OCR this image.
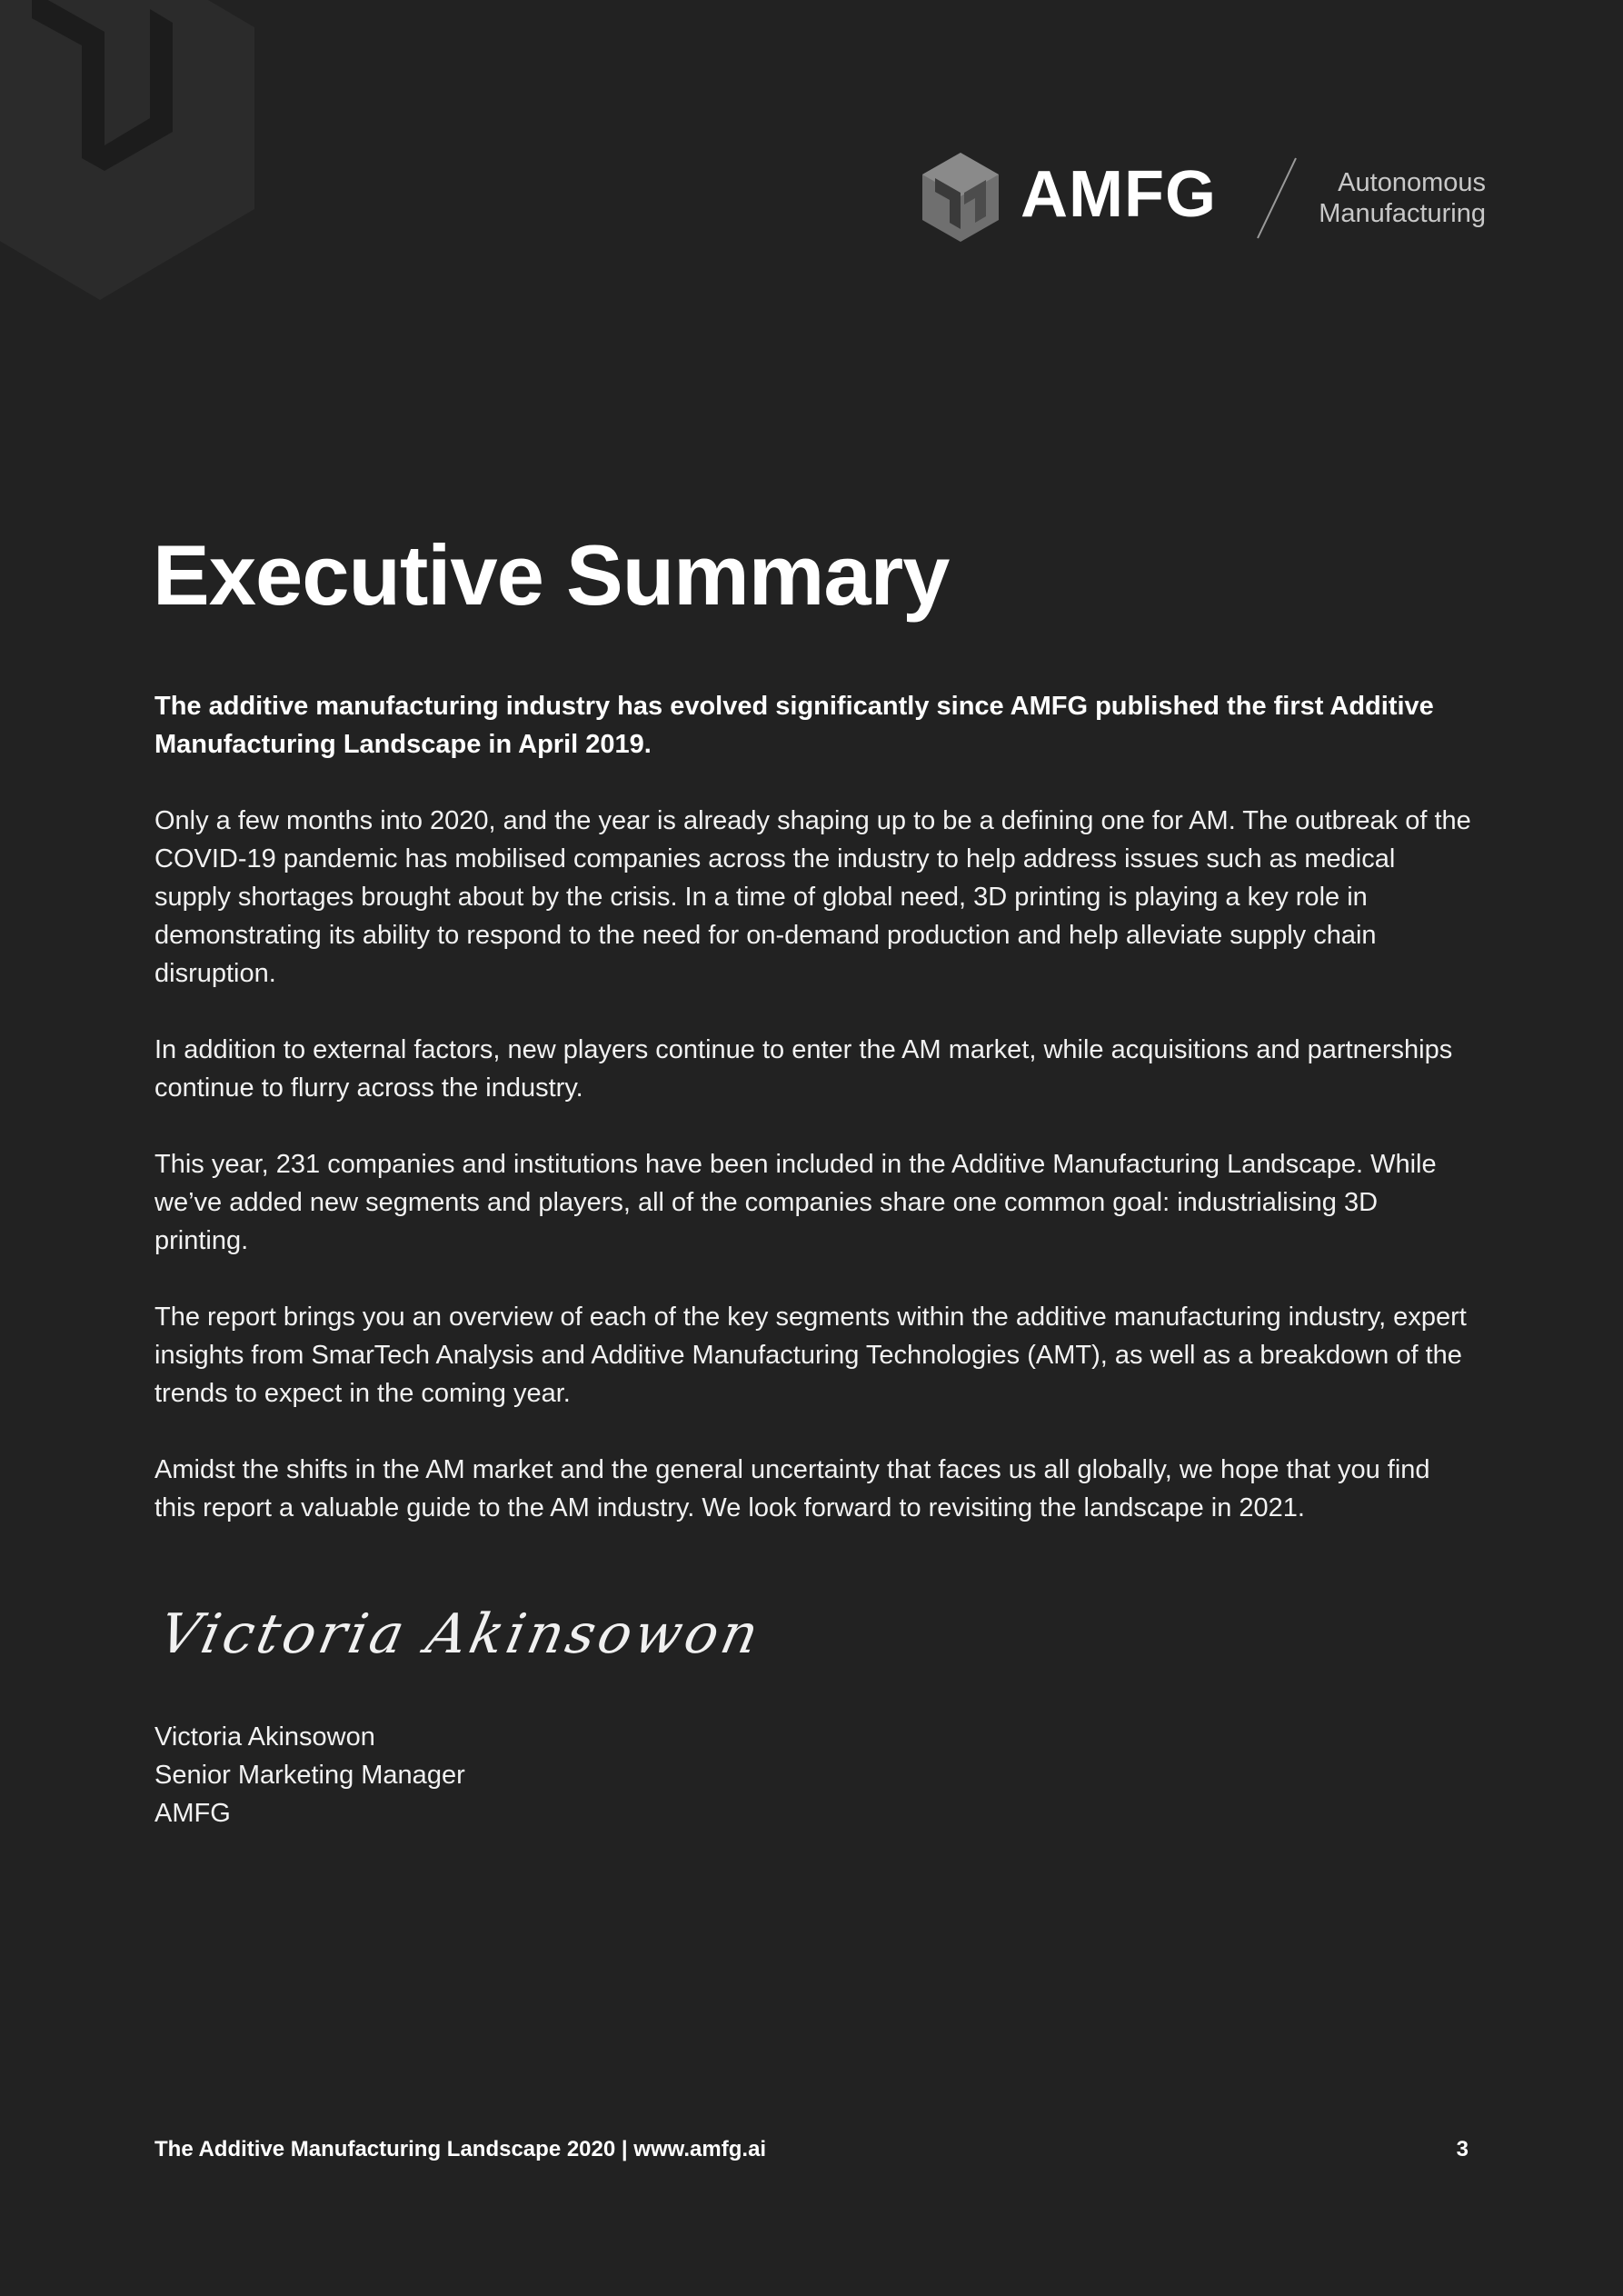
AMFG	Autonomous
Manufacturing
Executive Summary

The additive manufacturing industry has evolved significantly since AMFG published the first Additive Manufacturing Landscape in April 2019.

Only a few months into 2020, and the year is already shaping up to be a defining one for AM. The outbreak of the COVID-19 pandemic has mobilised companies across the industry to help address issues such as medical supply shortages brought about by the crisis. In a time of global need, 3D printing is playing a key role in demonstrating its ability to respond to the need for on-demand production and help alleviate supply chain disruption.

In addition to external factors, new players continue to enter the AM market, while acquisitions and partnerships continue to flurry across the industry.

This year, 231 companies and institutions have been included in the Additive Manufacturing Landscape. While we’ve added new segments and players, all of the companies share one common goal: industrialising 3D printing.

The report brings you an overview of each of the key segments within the additive manufacturing industry, expert insights from SmarTech Analysis and Additive Manufacturing Technologies (AMT), as well as a breakdown of the trends to expect in the coming year.

Amidst the shifts in the AM market and the general uncertainty that faces us all globally, we hope that you find this report a valuable guide to the AM industry. We look forward to revisiting the landscape in 2021.

Victoria Akinsowon
Victoria Akinsowon
Senior Marketing Manager
AMFG
The Additive Manufacturing Landscape 2020 | www.amfg.ai	3
